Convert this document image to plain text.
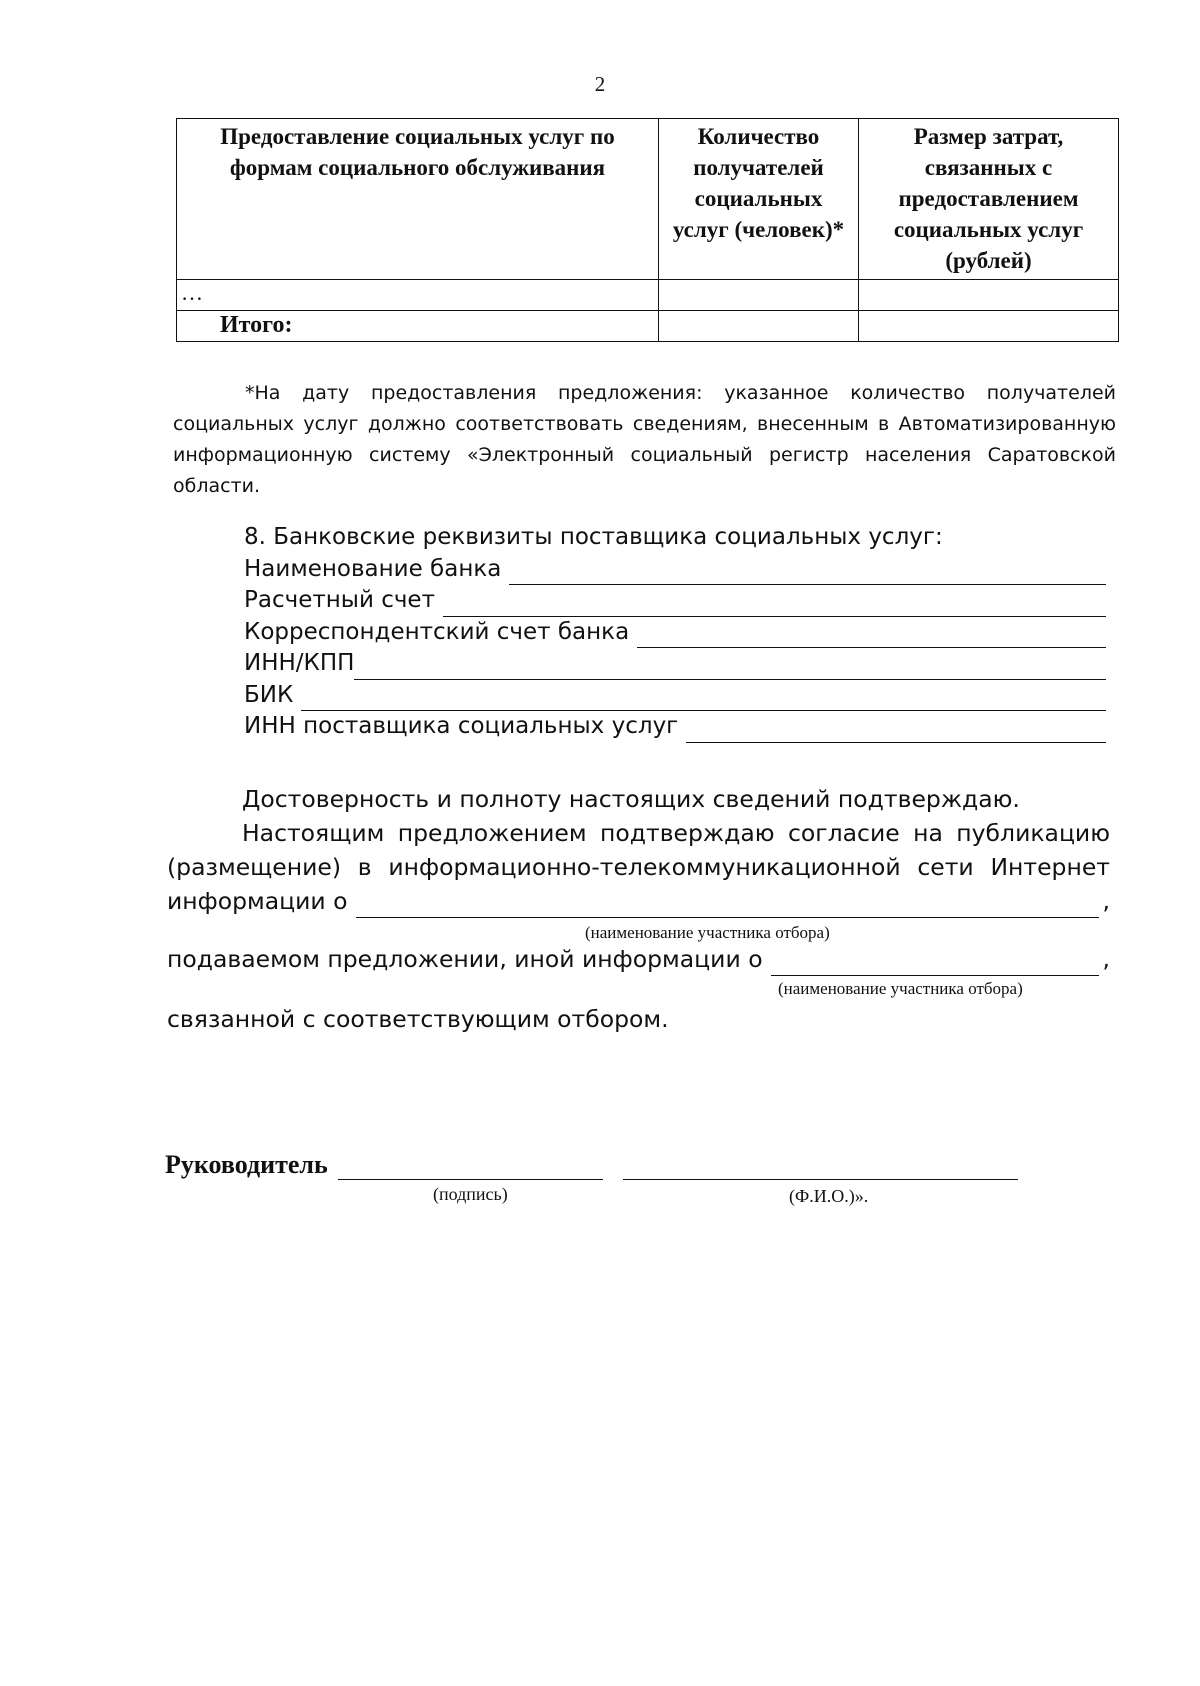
2
Предоставление социальных услуг по формам социального обслуживания	Количество получателей социальных услуг (человек)*	Размер затрат, связанных с предоставлением социальных услуг (рублей)
…		
Итого:		

*На дату предоставления предложения: указанное количество получателей социальных услуг должно соответствовать сведениям, внесенным в Автоматизированную информационную систему «Электронный социальный регистр населения Саратовской области.

8. Банковские реквизиты поставщика социальных услуг:
Наименование банка
Расчетный счет
Корреспондентский счет банка
ИНН/КПП
БИК
ИНН поставщика социальных услуг

Достоверность и полноту настоящих сведений подтверждаю.

Настоящим предложением подтверждаю согласие на публикацию

(размещение) в информационно-телекоммуникационной сети Интернет

информации о	,
(наименование участника отбора)
подаваемом предложении, иной информации о	,
(наименование участника отбора)

связанной с соответствующим отбором.

Руководитель
(подпись)	(Ф.И.О.)».
